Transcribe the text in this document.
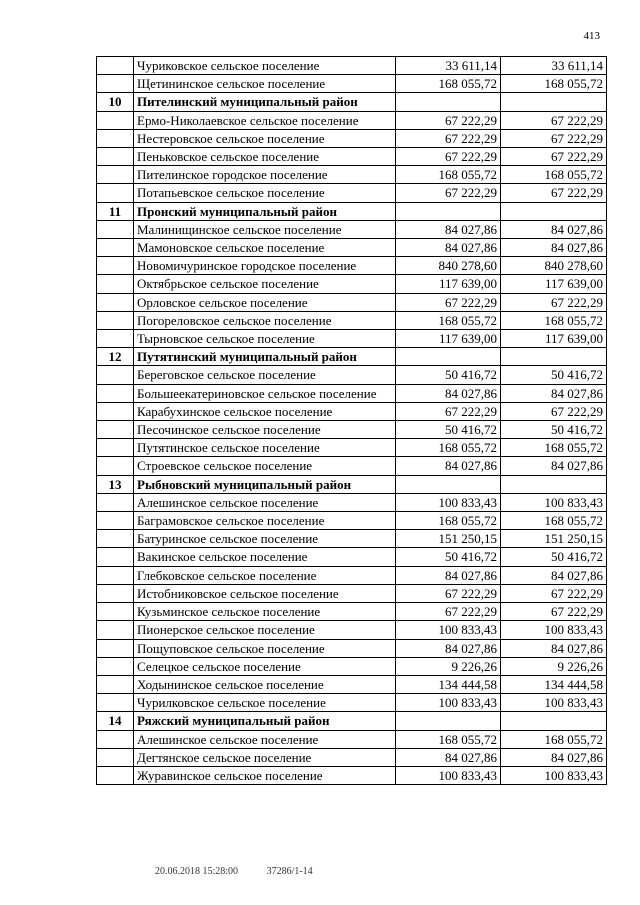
413
	Чуриковское сельское поселение	33 611,14	33 611,14
	Щетининское сельское поселение	168 055,72	168 055,72
10	Пителинский муниципальный район		
	Ермо-Николаевское сельское поселение	67 222,29	67 222,29
	Нестеровское сельское поселение	67 222,29	67 222,29
	Пеньковское сельское поселение	67 222,29	67 222,29
	Пителинское городское поселение	168 055,72	168 055,72
	Потапьевское сельское поселение	67 222,29	67 222,29
11	Пронский муниципальный район		
	Малинищинское сельское поселение	84 027,86	84 027,86
	Мамоновское сельское поселение	84 027,86	84 027,86
	Новомичуринское городское поселение	840 278,60	840 278,60
	Октябрьское сельское поселение	117 639,00	117 639,00
	Орловское сельское поселение	67 222,29	67 222,29
	Погореловское сельское поселение	168 055,72	168 055,72
	Тырновское сельское поселение	117 639,00	117 639,00
12	Путятинский муниципальный район		
	Береговское сельское поселение	50 416,72	50 416,72
	Большеекатериновское сельское поселение	84 027,86	84 027,86
	Карабухинское сельское поселение	67 222,29	67 222,29
	Песочинское сельское поселение	50 416,72	50 416,72
	Путятинское сельское поселение	168 055,72	168 055,72
	Строевское сельское поселение	84 027,86	84 027,86
13	Рыбновский муниципальный район		
	Алешинское сельское поселение	100 833,43	100 833,43
	Баграмовское сельское поселение	168 055,72	168 055,72
	Батуринское сельское поселение	151 250,15	151 250,15
	Вакинское сельское поселение	50 416,72	50 416,72
	Глебковское сельское поселение	84 027,86	84 027,86
	Истобниковское сельское поселение	67 222,29	67 222,29
	Кузьминское сельское поселение	67 222,29	67 222,29
	Пионерское сельское поселение	100 833,43	100 833,43
	Пощуповское сельское поселение	84 027,86	84 027,86
	Селецкое сельское поселение	9 226,26	9 226,26
	Ходынинское сельское поселение	134 444,58	134 444,58
	Чурилковское сельское поселение	100 833,43	100 833,43
14	Ряжский муниципальный район		
	Алешинское сельское поселение	168 055,72	168 055,72
	Дегтянское сельское поселение	84 027,86	84 027,86
	Журавинское сельское поселение	100 833,43	100 833,43
20.06.2018 15:28:00	37286/1-14
